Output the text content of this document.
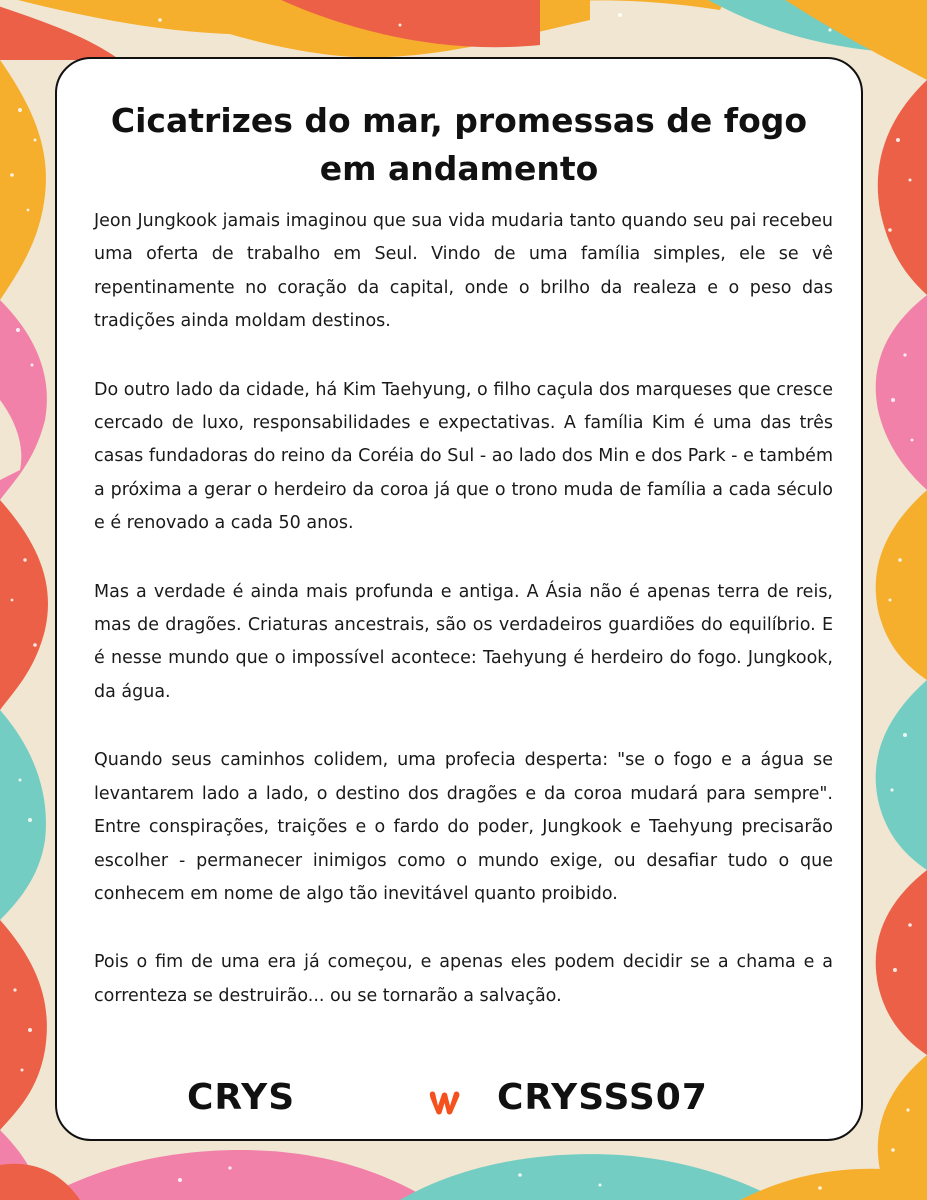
Cicatrizes do mar, promessas de fogo em andamento

Jeon Jungkook jamais imaginou que sua vida mudaria tanto quando seu pai recebeu uma oferta de trabalho em Seul. Vindo de uma família simples, ele se vê repentinamente no coração da capital, onde o brilho da realeza e o peso das tradições ainda moldam destinos.

Do outro lado da cidade, há Kim Taehyung, o filho caçula dos marqueses que cresce cercado de luxo, responsabilidades e expectativas. A família Kim é uma das três casas fundadoras do reino da Coréia do Sul - ao lado dos Min e dos Park - e também a próxima a gerar o herdeiro da coroa já que o trono muda de família a cada século e é renovado a cada 50 anos.

Mas a verdade é ainda mais profunda e antiga. A Ásia não é apenas terra de reis, mas de dragões. Criaturas ancestrais, são os verdadeiros guardiões do equilíbrio. E é nesse mundo que o impossível acontece: Taehyung é herdeiro do fogo. Jungkook, da água.

Quando seus caminhos colidem, uma profecia desperta: "se o fogo e a água se levantarem lado a lado, o destino dos dragões e da coroa mudará para sempre". Entre conspirações, traições e o fardo do poder, Jungkook e Taehyung precisarão escolher - permanecer inimigos como o mundo exige, ou desafiar tudo o que conhecem em nome de algo tão inevitável quanto proibido.

Pois o fim de uma era já começou, e apenas eles podem decidir se a chama e a correnteza se destruirão... ou se tornarão a salvação.

CRYS	CRYSSS07
